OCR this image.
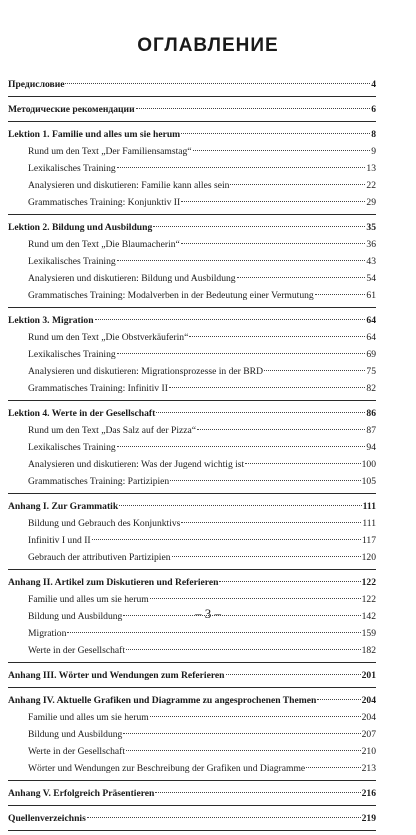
ОГЛАВЛЕНИЕ
Предисловие	4
Методические рекомендации	6
Lektion 1. Familie und alles um sie herum	8
Rund um den Text „Der Familiensamstag“	9
Lexikalisches Training	13
Analysieren und diskutieren: Familie kann alles sein	22
Grammatisches Training: Konjunktiv II	29
Lektion 2. Bildung und Ausbildung	35
Rund um den Text „Die Blaumacherin“	36
Lexikalisches Training	43
Analysieren und diskutieren: Bildung und Ausbildung	54
Grammatisches Training: Modalverben in der Bedeutung einer Vermutung	61
Lektion 3. Migration	64
Rund um den Text „Die Obstverkäuferin“	64
Lexikalisches Training	69
Analysieren und diskutieren: Migrationsprozesse in der BRD	75
Grammatisches Training: Infinitiv II	82
Lektion 4. Werte in der Gesellschaft	86
Rund um den Text „Das Salz auf der Pizza“	87
Lexikalisches Training	94
Analysieren und diskutieren: Was der Jugend wichtig ist	100
Grammatisches Training: Partizipien	105
Anhang I. Zur Grammatik	111
Bildung und Gebrauch des Konjunktivs	111
Infinitiv I und II	117
Gebrauch der attributiven Partizipien	120
Anhang II. Artikel zum Diskutieren und Referieren	122
Familie und alles um sie herum	122
Bildung und Ausbildung	142
Migration	159
Werte in der Gesellschaft	182
Anhang III. Wörter und Wendungen zum Referieren	201
Anhang IV. Aktuelle Grafiken und Diagramme zu angesprochenen Themen	204
Familie und alles um sie herum	204
Bildung und Ausbildung	207
Werte in der Gesellschaft	210
Wörter und Wendungen zur Beschreibung der Grafiken und Diagramme	213
Anhang V. Erfolgreich Präsentieren	216
Quellenverzeichnis	219
– 3 –
